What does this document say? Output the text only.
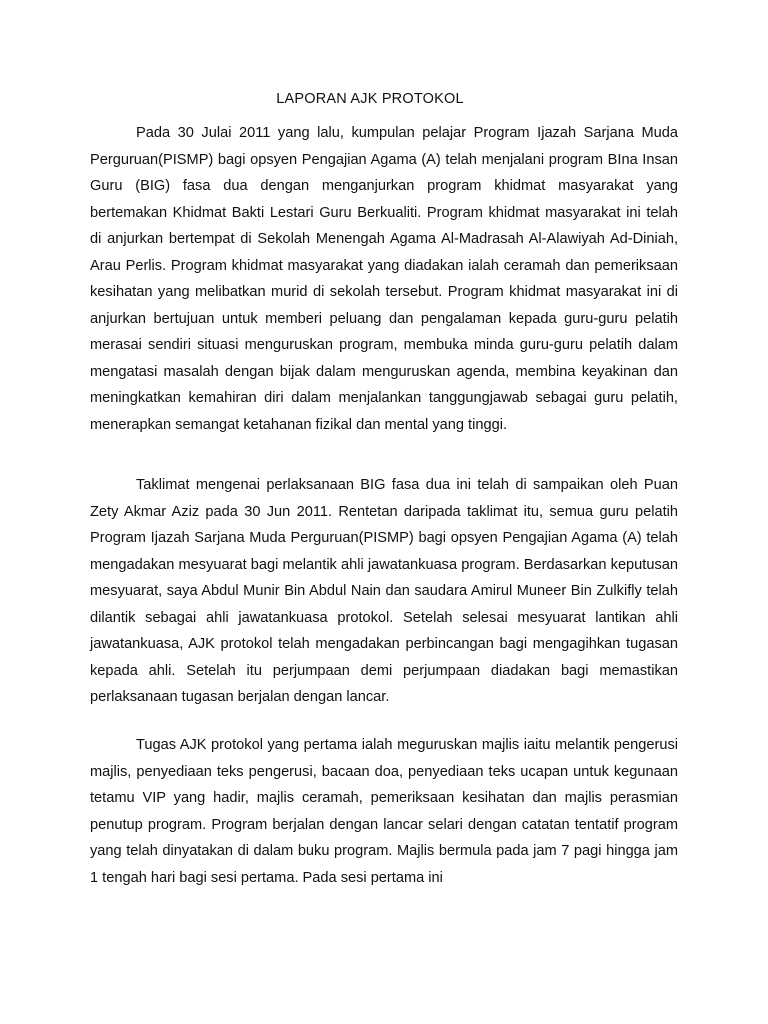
LAPORAN AJK PROTOKOL

Pada 30 Julai 2011 yang lalu, kumpulan pelajar Program Ijazah Sarjana Muda Perguruan(PISMP) bagi opsyen Pengajian Agama (A) telah menjalani program BIna Insan Guru (BIG) fasa dua dengan menganjurkan program khidmat masyarakat yang bertemakan Khidmat Bakti Lestari Guru Berkualiti. Program khidmat masyarakat ini telah di anjurkan bertempat di Sekolah Menengah Agama Al-Madrasah Al-Alawiyah Ad-Diniah, Arau Perlis. Program khidmat masyarakat yang diadakan ialah ceramah dan pemeriksaan kesihatan yang melibatkan murid di sekolah tersebut. Program khidmat masyarakat ini di anjurkan bertujuan untuk memberi peluang dan pengalaman kepada guru-guru pelatih merasai sendiri situasi menguruskan program, membuka minda guru-guru pelatih dalam mengatasi masalah dengan bijak dalam menguruskan agenda, membina keyakinan dan meningkatkan kemahiran diri dalam menjalankan tanggungjawab sebagai guru pelatih, menerapkan semangat ketahanan fizikal dan mental yang tinggi.

Taklimat mengenai perlaksanaan BIG fasa dua ini telah di sampaikan oleh Puan Zety Akmar Aziz pada 30 Jun 2011. Rentetan daripada taklimat itu, semua guru pelatih Program Ijazah Sarjana Muda Perguruan(PISMP) bagi opsyen Pengajian Agama (A) telah mengadakan mesyuarat bagi melantik ahli jawatankuasa program. Berdasarkan keputusan mesyuarat, saya Abdul Munir Bin Abdul Nain dan saudara Amirul Muneer Bin Zulkifly telah dilantik sebagai ahli jawatankuasa protokol. Setelah selesai mesyuarat lantikan ahli jawatankuasa, AJK protokol telah mengadakan perbincangan bagi mengagihkan tugasan kepada ahli. Setelah itu perjumpaan demi perjumpaan diadakan bagi memastikan perlaksanaan tugasan berjalan dengan lancar.

Tugas AJK protokol yang pertama ialah meguruskan majlis iaitu melantik pengerusi majlis, penyediaan teks pengerusi, bacaan doa, penyediaan teks ucapan untuk kegunaan tetamu VIP yang hadir, majlis ceramah, pemeriksaan kesihatan dan majlis perasmian penutup program. Program berjalan dengan lancar selari dengan catatan tentatif program yang telah dinyatakan di dalam buku program. Majlis bermula pada jam 7 pagi hingga jam 1 tengah hari bagi sesi pertama. Pada sesi pertama ini
